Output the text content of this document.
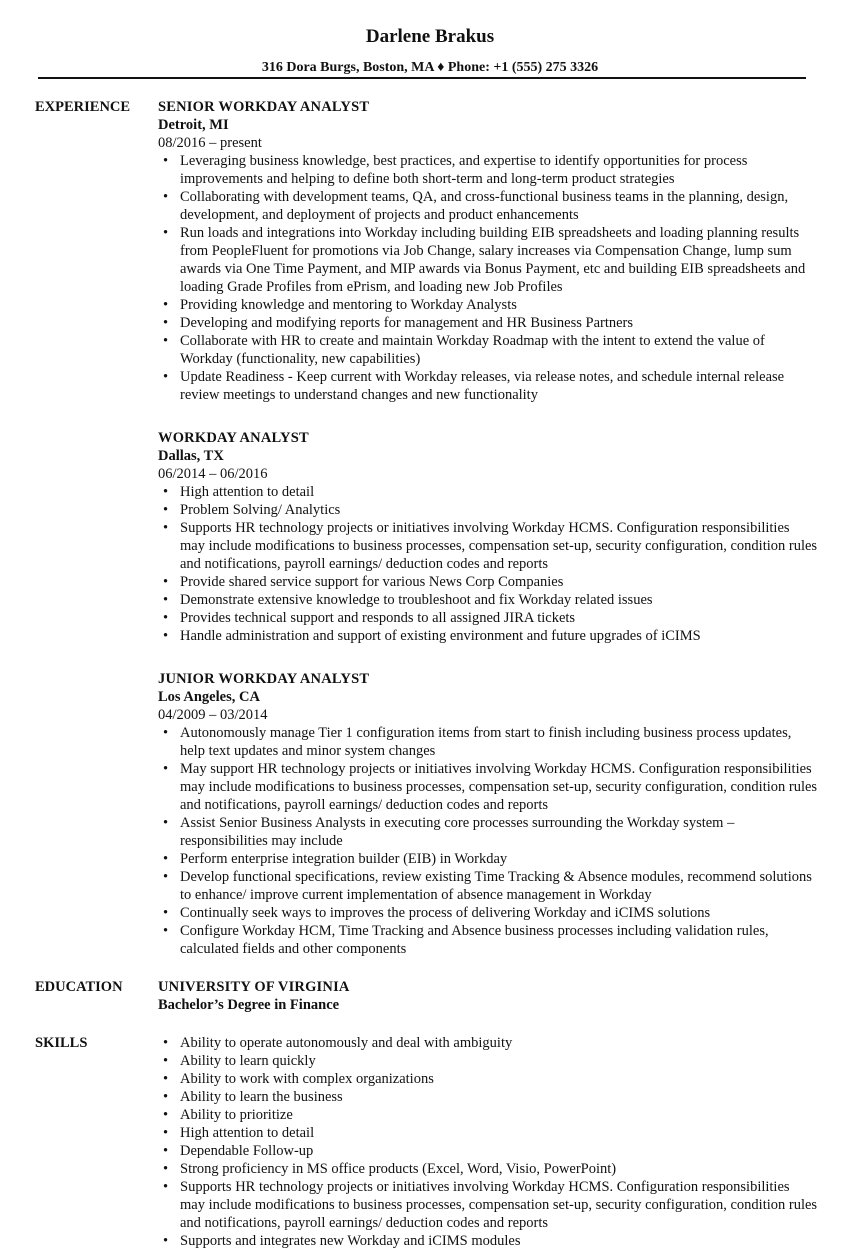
Darlene Brakus
316 Dora Burgs, Boston, MA ♦ Phone: +1 (555) 275 3326
EXPERIENCE SENIOR WORKDAY ANALYST
Detroit, MI
08/2016 – present
• Leveraging business knowledge, best practices, and expertise to identify opportunities for process improvements and helping to define both short-term and long-term product strategies
• Collaborating with development teams, QA, and cross-functional business teams in the planning, design, development, and deployment of projects and product enhancements
• Run loads and integrations into Workday including building EIB spreadsheets and loading planning results from PeopleFluent for promotions via Job Change, salary increases via Compensation Change, lump sum awards via One Time Payment, and MIP awards via Bonus Payment, etc and building EIB spreadsheets and loading Grade Profiles from ePrism, and loading new Job Profiles
• Providing knowledge and mentoring to Workday Analysts
• Developing and modifying reports for management and HR Business Partners
• Collaborate with HR to create and maintain Workday Roadmap with the intent to extend the value of Workday (functionality, new capabilities)
• Update Readiness - Keep current with Workday releases, via release notes, and schedule internal release review meetings to understand changes and new functionality
WORKDAY ANALYST
Dallas, TX
06/2014 – 06/2016
• High attention to detail
• Problem Solving/ Analytics
• Supports HR technology projects or initiatives involving Workday HCMS. Configuration responsibilities may include modifications to business processes, compensation set-up, security configuration, condition rules and notifications, payroll earnings/ deduction codes and reports
• Provide shared service support for various News Corp Companies
• Demonstrate extensive knowledge to troubleshoot and fix Workday related issues
• Provides technical support and responds to all assigned JIRA tickets
• Handle administration and support of existing environment and future upgrades of iCIMS
JUNIOR WORKDAY ANALYST
Los Angeles, CA
04/2009 – 03/2014
• Autonomously manage Tier 1 configuration items from start to finish including business process updates, help text updates and minor system changes
• May support HR technology projects or initiatives involving Workday HCMS. Configuration responsibilities may include modifications to business processes, compensation set-up, security configuration, condition rules and notifications, payroll earnings/ deduction codes and reports
• Assist Senior Business Analysts in executing core processes surrounding the Workday system – responsibilities may include
• Perform enterprise integration builder (EIB) in Workday
• Develop functional specifications, review existing Time Tracking & Absence modules, recommend solutions to enhance/ improve current implementation of absence management in Workday
• Continually seek ways to improves the process of delivering Workday and iCIMS solutions
• Configure Workday HCM, Time Tracking and Absence business processes including validation rules, calculated fields and other components
EDUCATION UNIVERSITY OF VIRGINIA
Bachelor’s Degree in Finance
SKILLS
•	Ability to operate autonomously and deal with ambiguity
• Ability to learn quickly
• Ability to work with complex organizations
• Ability to learn the business
• Ability to prioritize
• High attention to detail
• Dependable Follow-up
• Strong proficiency in MS office products (Excel, Word, Visio, PowerPoint)
• Supports HR technology projects or initiatives involving Workday HCMS. Configuration responsibilities may include modifications to business processes, compensation set-up, security configuration, condition rules and notifications, payroll earnings/ deduction codes and reports
• Supports and integrates new Workday and iCIMS modules
